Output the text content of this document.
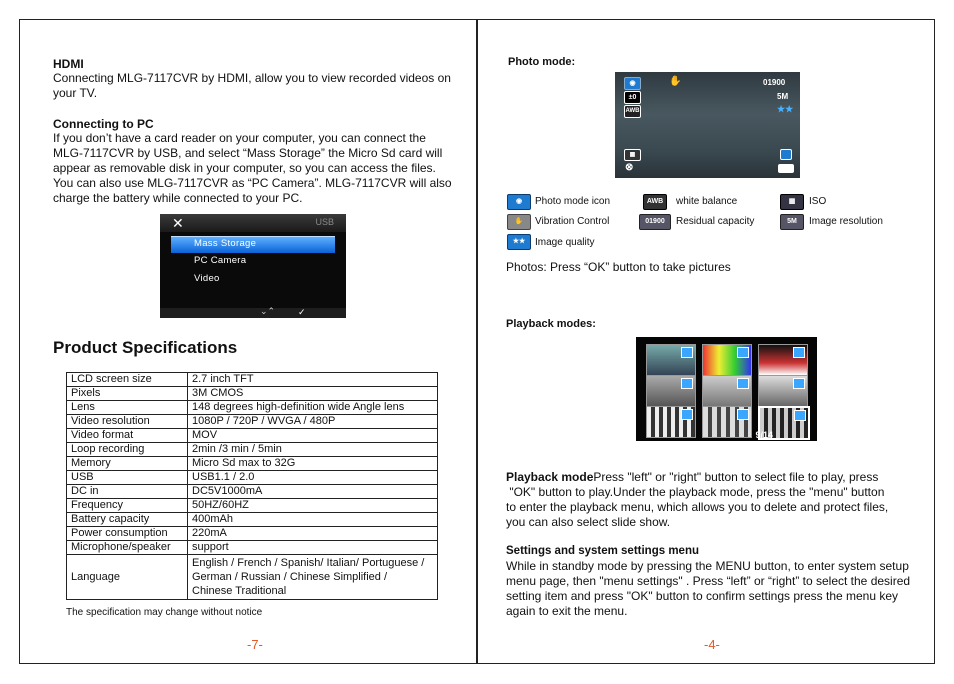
HDMI
Connecting MLG-7117CVR by HDMI, allow you to view recorded videos on
your TV.
Connecting to PC
If you don’t have a card reader on your computer, you can connect the
MLG-7117CVR by USB, and select “Mass Storage” the Micro Sd card will
appear as removable disk in your computer, so you can access the files.
You can also use MLG-7117CVR as “PC Camera”. MLG-7117CVR will also
charge the battery while connected to your PC.
✕	USB
Mass Storage
PC Camera
Video
⌄⌃	✓
Product Specifications
LCD screen size	2.7 inch TFT
Pixels	3M CMOS
Lens	148 degrees high-definition wide Angle lens
Video resolution	1080P / 720P / WVGA / 480P
Video format	MOV
Loop recording	2min /3 min / 5min
Memory	Micro Sd max to 32G
USB	USB1.1 / 2.0
DC in	DC5V1000mA
Frequency	50HZ/60HZ
Battery capacity	400mAh
Power consumption	220mA
Microphone/speaker	support
Language	English / French / Spanish/ Italian/ Portuguese /
German / Russian / Chinese Simplified /
Chinese Traditional
The specification may change without notice
-7-
Photo mode:
◉	✋	01900
±0	5M
AWB	★★
▦
⊗
◉	Photo mode icon	AWB	white balance	▦	ISO
✋	Vibration Control	01900	Residual capacity	5M	Image resolution
★★ Image quality
Photos: Press “OK” button to take pictures
Playback modes:
9/14
Playback modePress "left" or "right" button to select file to play, press
"OK" button to play.Under the playback mode, press the "menu" button
to enter the playback menu, which allows you to delete and protect files,
you can also select slide show.
Settings and system settings menu
While in standby mode by pressing the MENU button, to enter system setup
menu page, then "menu settings" . Press “left” or “right” to select the desired
setting item and press "OK" button to confirm settings press the menu key
again to exit the menu.
-4-
